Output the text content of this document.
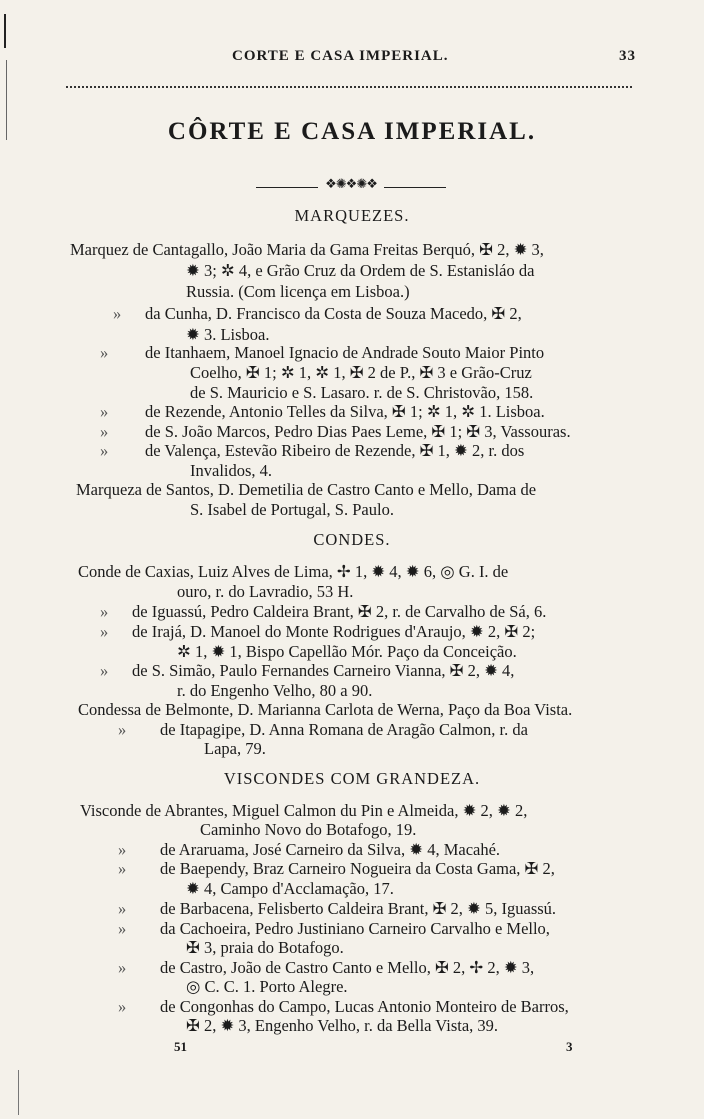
CORTE E CASA IMPERIAL.	33
CÔRTE E CASA IMPERIAL.
❖✺❖✺❖
MARQUEZES.
Marquez de Cantagallo, João Maria da Gama Freitas Berquó, ✠ 2, ✹ 3,
✹ 3; ✲ 4, e Grão Cruz da Ordem de S. Estanisláo da
Russia. (Com licença em Lisboa.)
» da Cunha, D. Francisco da Costa de Souza Macedo, ✠ 2,
✹ 3. Lisboa.
» de Itanhaem, Manoel Ignacio de Andrade Souto Maior Pinto
Coelho, ✠ 1; ✲ 1, ✲ 1, ✠ 2 de P., ✠ 3 e Grão-Cruz
de S. Mauricio e S. Lasaro. r. de S. Christovão, 158.
» de Rezende, Antonio Telles da Silva, ✠ 1; ✲ 1, ✲ 1. Lisboa.
» de S. João Marcos, Pedro Dias Paes Leme, ✠ 1; ✠ 3, Vassouras.
» de Valença, Estevão Ribeiro de Rezende, ✠ 1, ✹ 2, r. dos
Invalidos, 4.
Marqueza de Santos, D. Demetilia de Castro Canto e Mello, Dama de
S. Isabel de Portugal, S. Paulo.
CONDES.
Conde de Caxias, Luiz Alves de Lima, ✢ 1, ✹ 4, ✹ 6, ◎ G. I. de
ouro, r. do Lavradio, 53 H.
» de Iguassú, Pedro Caldeira Brant, ✠ 2, r. de Carvalho de Sá, 6.
» de Irajá, D. Manoel do Monte Rodrigues d'Araujo, ✹ 2, ✠ 2;
✲ 1, ✹ 1, Bispo Capellão Mór. Paço da Conceição.
» de S. Simão, Paulo Fernandes Carneiro Vianna, ✠ 2, ✹ 4,
r. do Engenho Velho, 80 a 90.
Condessa de Belmonte, D. Marianna Carlota de Werna, Paço da Boa Vista.
» de Itapagipe, D. Anna Romana de Aragão Calmon, r. da
Lapa, 79.
VISCONDES COM GRANDEZA.
Visconde de Abrantes, Miguel Calmon du Pin e Almeida, ✹ 2, ✹ 2,
Caminho Novo do Botafogo, 19.
» de Araruama, José Carneiro da Silva, ✹ 4, Macahé.
» de Baependy, Braz Carneiro Nogueira da Costa Gama, ✠ 2,
✹ 4, Campo d'Acclamação, 17.
» de Barbacena, Felisberto Caldeira Brant, ✠ 2, ✹ 5, Iguassú.
» da Cachoeira, Pedro Justiniano Carneiro Carvalho e Mello,
✠ 3, praia do Botafogo.
» de Castro, João de Castro Canto e Mello, ✠ 2, ✢ 2, ✹ 3,
◎ C. C. 1. Porto Alegre.
» de Congonhas do Campo, Lucas Antonio Monteiro de Barros,
✠ 2, ✹ 3, Engenho Velho, r. da Bella Vista, 39.
51	3
